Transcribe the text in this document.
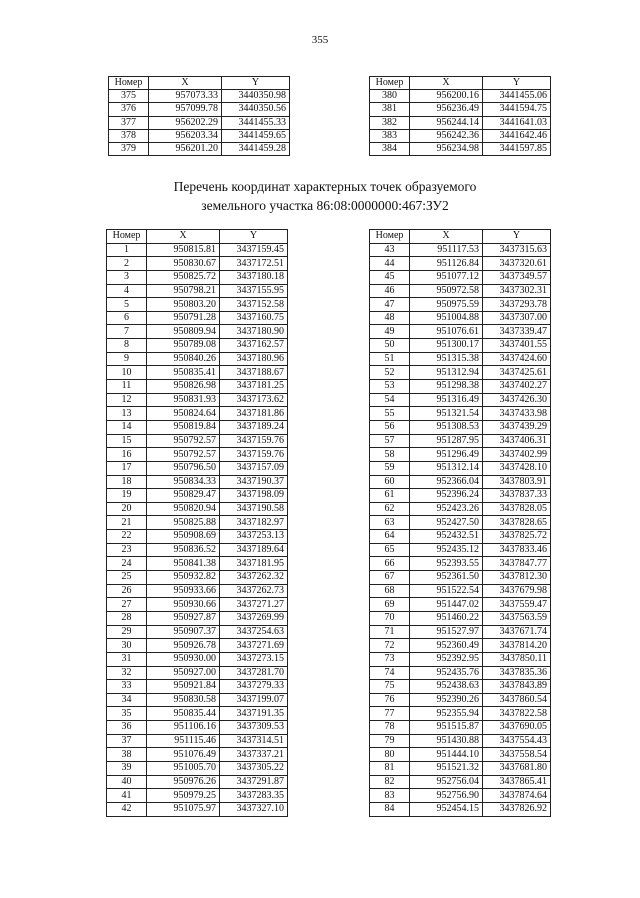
355
Номер	X	Y
375	957073.33	3440350.98
376	957099.78	3440350.56
377	956202.29	3441455.33
378	956203.34	3441459.65
379	956201.20	3441459.28
Номер	X	Y
380	956200.16	3441455.06
381	956236.49	3441594.75
382	956244.14	3441641.03
383	956242.36	3441642.46
384	956234.98	3441597.85
Перечень координат характерных точек образуемого
земельного участка 86:08:0000000:467:ЗУ2
Номер	X	Y
1	950815.81	3437159.45
2	950830.67	3437172.51
3	950825.72	3437180.18
4	950798.21	3437155.95
5	950803.20	3437152.58
6	950791.28	3437160.75
7	950809.94	3437180.90
8	950789.08	3437162.57
9	950840.26	3437180.96
10	950835.41	3437188.67
11	950826.98	3437181.25
12	950831.93	3437173.62
13	950824.64	3437181.86
14	950819.84	3437189.24
15	950792.57	3437159.76
16	950792.57	3437159.76
17	950796.50	3437157.09
18	950834.33	3437190.37
19	950829.47	3437198.09
20	950820.94	3437190.58
21	950825.88	3437182.97
22	950908.69	3437253.13
23	950836.52	3437189.64
24	950841.38	3437181.95
25	950932.82	3437262.32
26	950933.66	3437262.73
27	950930.66	3437271.27
28	950927.87	3437269.99
29	950907.37	3437254.63
30	950926.78	3437271.69
31	950930.00	3437273.15
32	950927.00	3437281.70
33	950921.84	3437279.33
34	950830.58	3437199.07
35	950835.44	3437191.35
36	951106.16	3437309.53
37	951115.46	3437314.51
38	951076.49	3437337.21
39	951005.70	3437305.22
40	950976.26	3437291.87
41	950979.25	3437283.35
42	951075.97	3437327.10
Номер	X	Y
43	951117.53	3437315.63
44	951126.84	3437320.61
45	951077.12	3437349.57
46	950972.58	3437302.31
47	950975.59	3437293.78
48	951004.88	3437307.00
49	951076.61	3437339.47
50	951300.17	3437401.55
51	951315.38	3437424.60
52	951312.94	3437425.61
53	951298.38	3437402.27
54	951316.49	3437426.30
55	951321.54	3437433.98
56	951308.53	3437439.29
57	951287.95	3437406.31
58	951296.49	3437402.99
59	951312.14	3437428.10
60	952366.04	3437803.91
61	952396.24	3437837.33
62	952423.26	3437828.05
63	952427.50	3437828.65
64	952432.51	3437825.72
65	952435.12	3437833.46
66	952393.55	3437847.77
67	952361.50	3437812.30
68	951522.54	3437679.98
69	951447.02	3437559.47
70	951460.22	3437563.59
71	951527.97	3437671.74
72	952360.49	3437814.20
73	952392.95	3437850.11
74	952435.76	3437835.36
75	952438.63	3437843.89
76	952390.26	3437860.54
77	952355.94	3437822.58
78	951515.87	3437690.05
79	951430.88	3437554.43
80	951444.10	3437558.54
81	951521.32	3437681.80
82	952756.04	3437865.41
83	952756.90	3437874.64
84	952454.15	3437826.92
